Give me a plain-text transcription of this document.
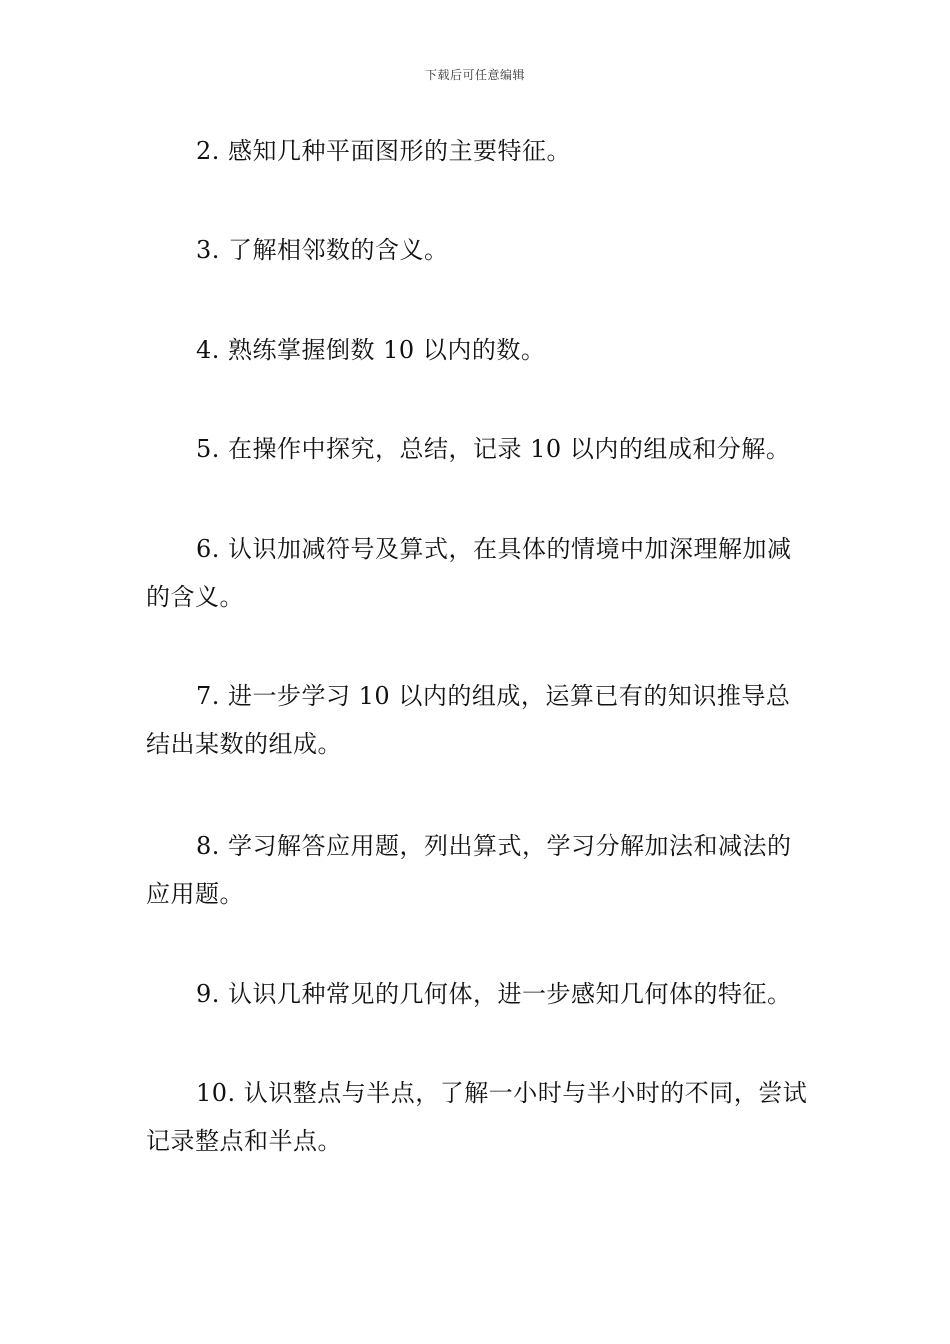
下载后可任意编辑

2. 感知几种平面图形的主要特征。

3. 了解相邻数的含义。

4. 熟练掌握倒数 10 以内的数。

5. 在操作中探究，总结，记录 10 以内的组成和分解。

6. 认识加减符号及算式，在具体的情境中加深理解加减的含义。

7. 进一步学习 10 以内的组成，运算已有的知识推导总结出某数的组成。

8. 学习解答应用题，列出算式，学习分解加法和减法的应用题。

9. 认识几种常见的几何体，进一步感知几何体的特征。

10. 认识整点与半点，了解一小时与半小时的不同，尝试记录整点和半点。
